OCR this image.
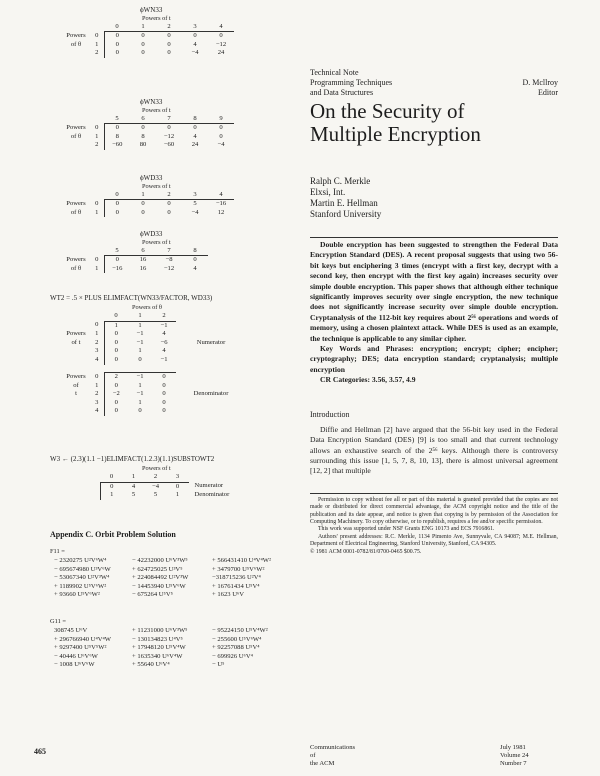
ϕWN33
Powers of t
		0	1	2	3	4
Powers	0	0	0	0	0	0
of θ	1	0	0	0	4	−12
	2	0	0	0	−4	24
ϕWN33
Powers of t
		5	6	7	8	9
Powers	0	0	0	0	0	0
of θ	1	8	8	−12	4	0
	2	−60	80	−60	24	−4
ϕWD33
Powers of t
		0	1	2	3	4
Powers	0	0	0	0	5	−16
of θ	1	0	0	0	−4	12
ϕWD33
Powers of t
		5	6	7	8
Powers	0	0	16	−8	0
of θ	1	−16	16	−12	4
WT2 = .5 × PLUS ELIMFACT(WN33/FACTOR, WD33)
Powers of θ
		0	1	2	
	0	1	1	−1	
Powers	1	0	−1	4	
of t	2	0	−1	−6	Numerator
	3	0	1	4	
	4	0	0	−1	

Powers	0	2	−1	0	
of	1	0	1	0	
t	2	−2	−1	0	Denominator
	3	0	1	0	
	4	0	0	0	
W3 ← (2.3)(1.1 −1)ELIMFACT(1.2.3)(1.1)SUBSTOWT2
Powers of t
0	1	2	3	
0	4	−4	0	Numerator
1	5	5	1	Denominator
Appendix C. Orbit Problem Solution
F11 =
− 2320275 U²V⁶W⁴	− 42232000 U⁶V³W⁵	+ 566431410 U⁴V⁴W²
− 695674980 U³V⁶W	+ 624725025 U³V⁵	+ 3479700 U⁵V⁶W²
− 53067340 U²V³W⁴	+ 224084492 U²V³W	−318715236 U²V⁴
+ 1189902 U⁵V⁶W²	− 14453940 U⁵V⁶W	+ 16761434 U⁵V⁴
+ 93660 U⁵V⁶W²	− 675264 U⁵V⁵	+ 1623 U⁶V
G11 =
308745 U⁶V	+ 11231000 U⁶V³W⁵	− 95224150 U⁵V⁴W²
+ 296766940 U⁴V⁴W	− 130134823 U⁴V⁵	− 255600 U⁵V⁶W⁴
+ 9297400 U⁵V⁵W²	+ 17948120 U⁵V⁴W	+ 92257088 U⁵V⁴
− 40446 U⁶V⁶W	+ 1635340 U⁶V⁴W	− 699926 U⁶V⁴
− 1008 U⁶V⁶W	+ 55640 U⁶V⁴	− U⁵
465
Technical Note
Programming Techniques	D. Mcllroy
and Data Structures	Editor
On the Security of
Multiple Encryption
Ralph C. Merkle
Elxsi, Int.
Martin E. Hellman
Stanford University
Double encryption has been suggested to strengthen the Federal Data Encryption Standard (DES). A recent proposal suggests that using two 56-bit keys but enciphering 3 times (encrypt with a first key, decrypt with a second key, then encrypt with the first key again) increases security over simple double encryption. This paper shows that although either technique significantly improves security over single encryption, the new technique does not significantly increase security over simple double encryption. Cryptanalysis of the 112-bit key requires about 2⁵⁶ operations and words of memory, using a chosen plaintext attack. While DES is used as an example, the technique is applicable to any similar cipher.
Key Words and Phrases: encryption; encrypt; cipher; encipher; cryptography; DES; data encryption standard; cryptanalysis; multiple encryption
CR Categories: 3.56, 3.57, 4.9
Introduction
Diffie and Hellman [2] have argued that the 56-bit key used in the Federal Data Encryption Standard (DES) [9] is too small and that current technology allows an exhaustive search of the 2⁵⁶ keys. Although there is controversy surrounding this issue [1, 5, 7, 8, 10, 13], there is almost universal agreement [12, 2] that multiple
Permission to copy without fee all or part of this material is granted provided that the copies are not made or distributed for direct commercial advantage, the ACM copyright notice and the title of the publication and its date appear, and notice is given that copying is by permission of the Association for Computing Machinery. To copy otherwise, or to republish, requires a fee and/or specific permission.
This work was supported under NSF Grants ENG 10173 and ECS 7916861.
Authors' present addresses: R.C. Merkle, 1134 Pimento Ave, Sunnyvale, CA 94087; M.E. Hellman, Department of Electrical Engineering, Stanford University, Stanford, CA 94305.
© 1981 ACM 0001-0782/81/0700-0465 $00.75.
Communications
of
the ACM
July 1981
Volume 24
Number 7
